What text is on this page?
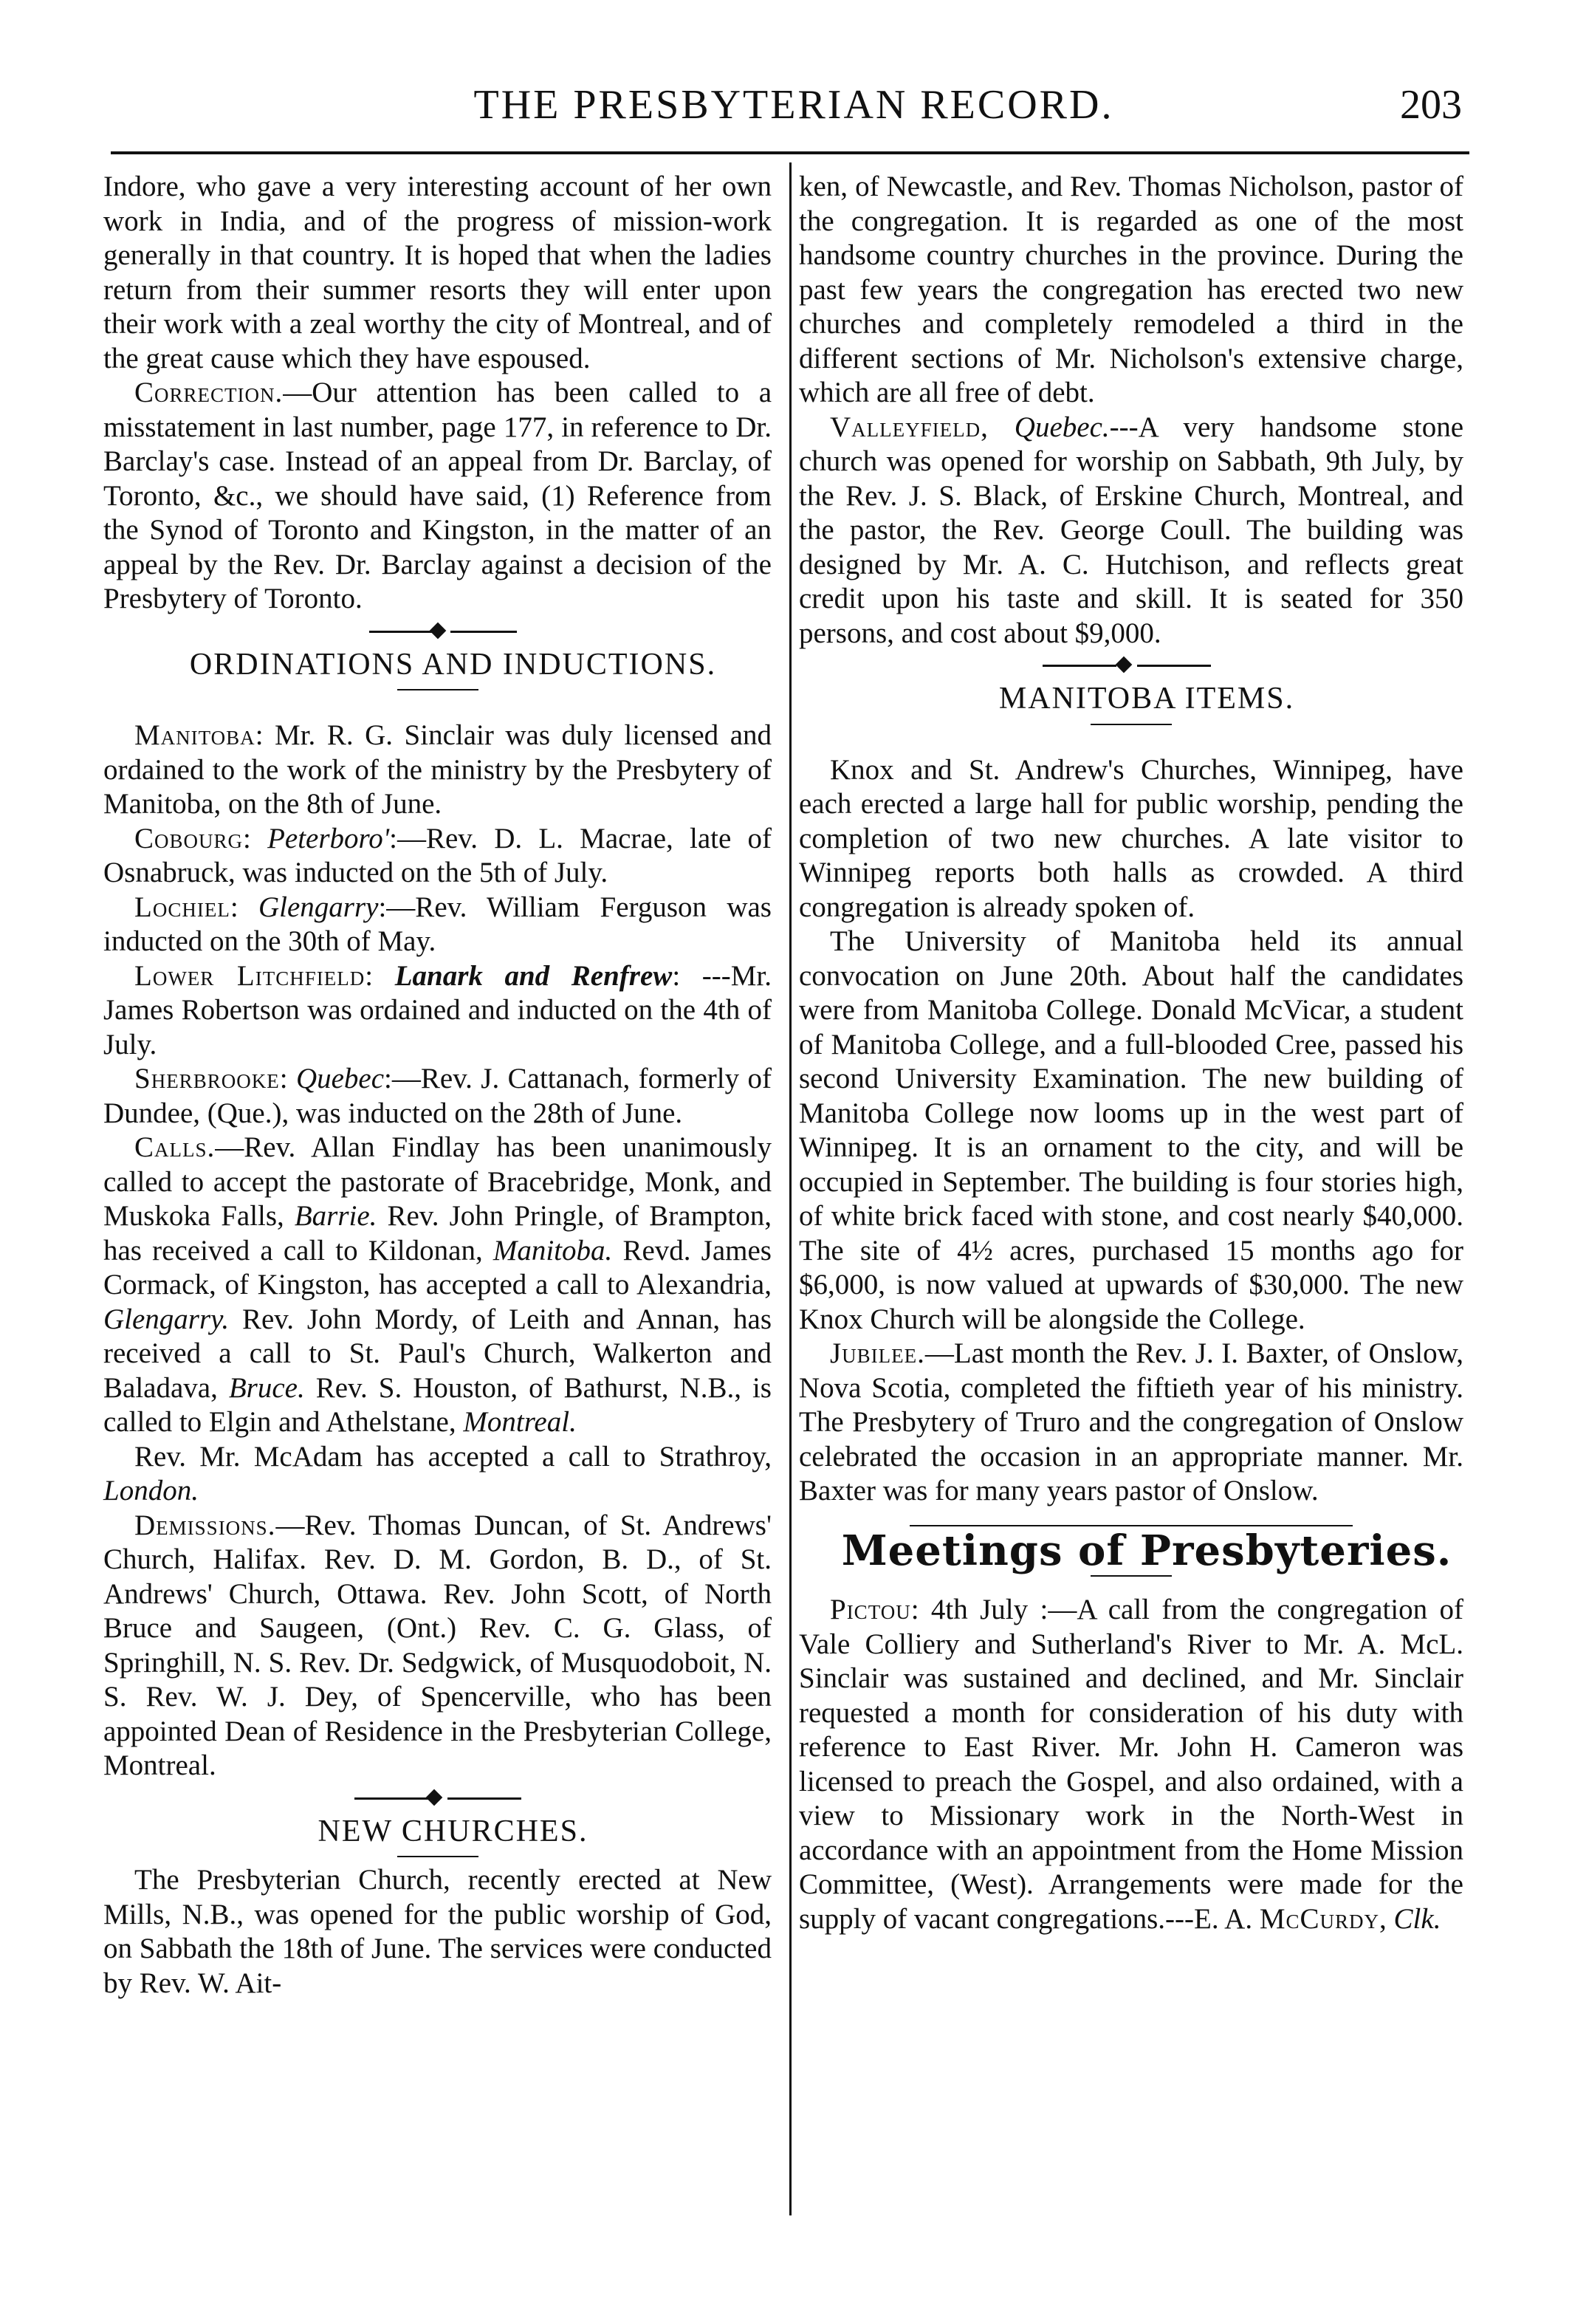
THE PRESBYTERIAN RECORD.	203

Indore, who gave a very interesting account of her own work in India, and of the progress of mission-work generally in that country. It is hoped that when the ladies return from their summer resorts they will enter upon their work with a zeal worthy the city of Montreal, and of the great cause which they have espoused.

Correction.—Our attention has been called to a misstatement in last number, page 177, in reference to Dr. Barclay's case. Instead of an appeal from Dr. Barclay, of Toronto, &c., we should have said, (1) Reference from the Synod of Toronto and Kingston, in the matter of an appeal by the Rev. Dr. Barclay against a decision of the Presbytery of Toronto.

ORDINATIONS AND INDUCTIONS.

Manitoba: Mr. R. G. Sinclair was duly licensed and ordained to the work of the ministry by the Presbytery of Manitoba, on the 8th of June.

Cobourg: Peterboro':—Rev. D. L. Macrae, late of Osnabruck, was inducted on the 5th of July.

Lochiel: Glengarry:—Rev. William Ferguson was inducted on the 30th of May.

Lower Litchfield: Lanark and Renfrew: ---Mr. James Robertson was ordained and inducted on the 4th of July.

Sherbrooke: Quebec:—Rev. J. Cattanach, formerly of Dundee, (Que.), was inducted on the 28th of June.

Calls.—Rev. Allan Findlay has been unanimously called to accept the pastorate of Bracebridge, Monk, and Muskoka Falls, Barrie. Rev. John Pringle, of Brampton, has received a call to Kildonan, Manitoba. Revd. James Cormack, of Kingston, has accepted a call to Alexandria, Glengarry. Rev. John Mordy, of Leith and Annan, has received a call to St. Paul's Church, Walkerton and Baladava, Bruce. Rev. S. Houston, of Bathurst, N.B., is called to Elgin and Athelstane, Montreal.

Rev. Mr. McAdam has accepted a call to Strathroy, London.

Demissions.—Rev. Thomas Duncan, of St. Andrews' Church, Halifax. Rev. D. M. Gordon, B. D., of St. Andrews' Church, Ottawa. Rev. John Scott, of North Bruce and Saugeen, (Ont.) Rev. C. G. Glass, of Springhill, N. S. Rev. Dr. Sedgwick, of Musquodoboit, N. S. Rev. W. J. Dey, of Spencerville, who has been appointed Dean of Residence in the Presbyterian College, Montreal.

NEW CHURCHES.

The Presbyterian Church, recently erected at New Mills, N.B., was opened for the public worship of God, on Sabbath the 18th of June. The services were conducted by Rev. W. Ait-

ken, of Newcastle, and Rev. Thomas Nicholson, pastor of the congregation. It is regarded as one of the most handsome country churches in the province. During the past few years the congregation has erected two new churches and completely remodeled a third in the different sections of Mr. Nicholson's extensive charge, which are all free of debt.

Valleyfield, Quebec.---A very handsome stone church was opened for worship on Sabbath, 9th July, by the Rev. J. S. Black, of Erskine Church, Montreal, and the pastor, the Rev. George Coull. The building was designed by Mr. A. C. Hutchison, and reflects great credit upon his taste and skill. It is seated for 350 persons, and cost about $9,000.

MANITOBA ITEMS.

Knox and St. Andrew's Churches, Winnipeg, have each erected a large hall for public worship, pending the completion of two new churches. A late visitor to Winnipeg reports both halls as crowded. A third congregation is already spoken of.

The University of Manitoba held its annual convocation on June 20th. About half the candidates were from Manitoba College. Donald McVicar, a student of Manitoba College, and a full-blooded Cree, passed his second University Examination. The new building of Manitoba College now looms up in the west part of Winnipeg. It is an ornament to the city, and will be occupied in September. The building is four stories high, of white brick faced with stone, and cost nearly $40,000. The site of 4½ acres, purchased 15 months ago for $6,000, is now valued at upwards of $30,000. The new Knox Church will be alongside the College.

Jubilee.—Last month the Rev. J. I. Baxter, of Onslow, Nova Scotia, completed the fiftieth year of his ministry. The Presbytery of Truro and the congregation of Onslow celebrated the occasion in an appropriate manner. Mr. Baxter was for many years pastor of Onslow.

Meetings of Presbyteries.

Pictou: 4th July :—A call from the congregation of Vale Colliery and Sutherland's River to Mr. A. McL. Sinclair was sustained and declined, and Mr. Sinclair requested a month for consideration of his duty with reference to East River. Mr. John H. Cameron was licensed to preach the Gospel, and also ordained, with a view to Missionary work in the North-West in accordance with an appointment from the Home Mission Committee, (West). Arrangements were made for the supply of vacant congregations.---E. A. McCurdy, Clk.
